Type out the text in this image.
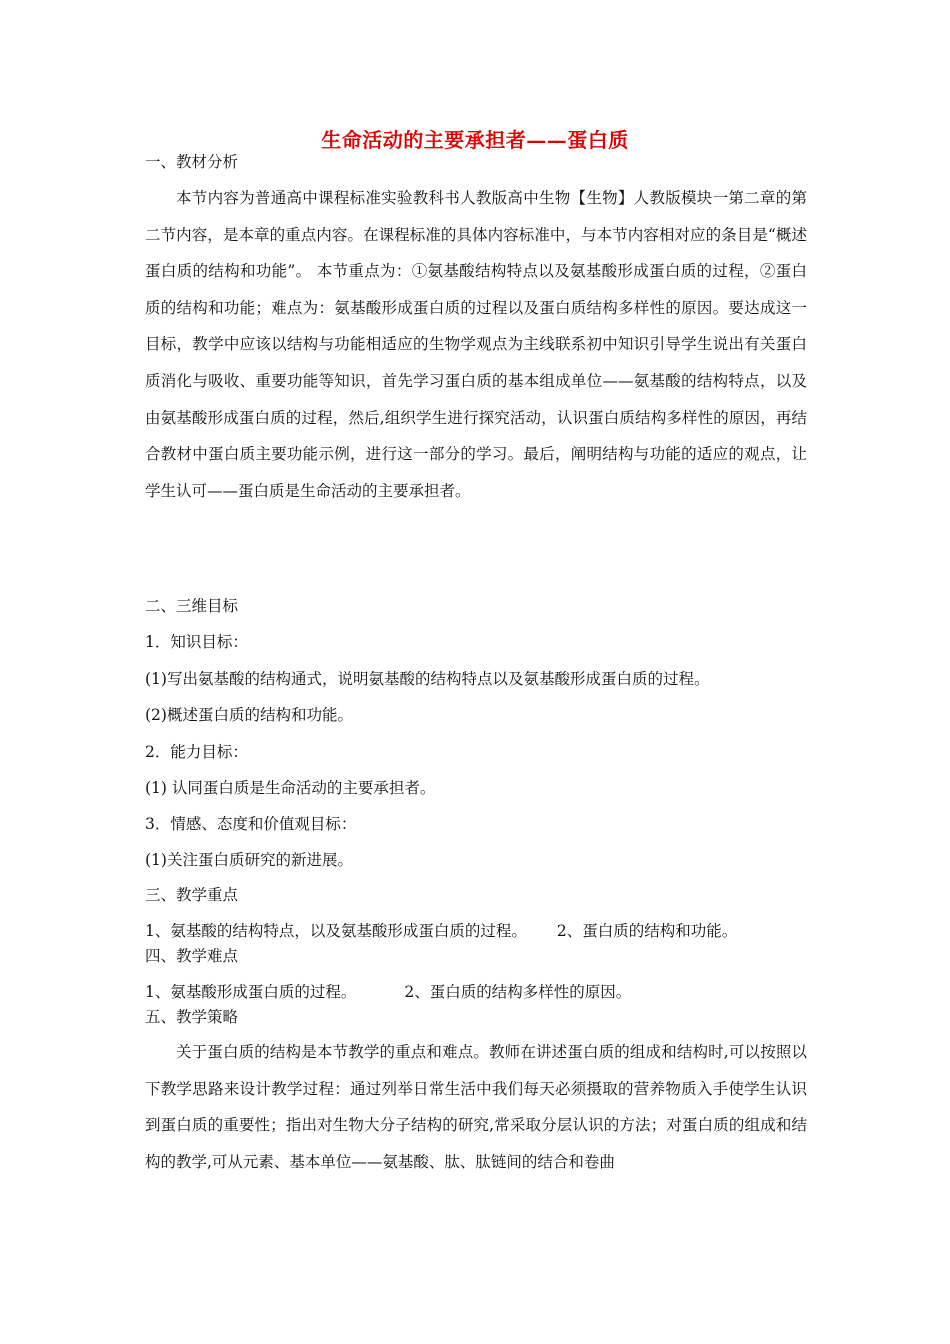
生命活动的主要承担者——蛋白质
一、教材分析

本节内容为普通高中课程标准实验教科书人教版高中生物【生物】人教版模块一第二章的第二节内容，是本章的重点内容。在课程标准的具体内容标准中，与本节内容相对应的条目是“概述蛋白质的结构和功能”。 本节重点为：①氨基酸结构特点以及氨基酸形成蛋白质的过程，②蛋白质的结构和功能；难点为：氨基酸形成蛋白质的过程以及蛋白质结构多样性的原因。要达成这一目标，教学中应该以结构与功能相适应的生物学观点为主线联系初中知识引导学生说出有关蛋白质消化与吸收、重要功能等知识，首先学习蛋白质的基本组成单位——氨基酸的结构特点，以及由氨基酸形成蛋白质的过程，然后,组织学生进行探究活动，认识蛋白质结构多样性的原因，再结合教材中蛋白质主要功能示例，进行这一部分的学习。最后，阐明结构与功能的适应的观点，让学生认可——蛋白质是生命活动的主要承担者。

二、三维目标
1．知识目标：
(1)写出氨基酸的结构通式，说明氨基酸的结构特点以及氨基酸形成蛋白质的过程。
(2)概述蛋白质的结构和功能。
2．能力目标：
(1) 认同蛋白质是生命活动的主要承担者。
3．情感、态度和价值观目标：
(1)关注蛋白质研究的新进展。
三、教学重点
1、氨基酸的结构特点，以及氨基酸形成蛋白质的过程。 2、蛋白质的结构和功能。
四、教学难点
1、氨基酸形成蛋白质的过程。	2、蛋白质的结构多样性的原因。
五、教学策略

关于蛋白质的结构是本节教学的重点和难点。教师在讲述蛋白质的组成和结构时,可以按照以下教学思路来设计教学过程：通过列举日常生活中我们每天必须摄取的营养物质入手使学生认识到蛋白质的重要性；指出对生物大分子结构的研究,常采取分层认识的方法；对蛋白质的组成和结构的教学,可从元素、基本单位——氨基酸、肽、肽链间的结合和卷曲
